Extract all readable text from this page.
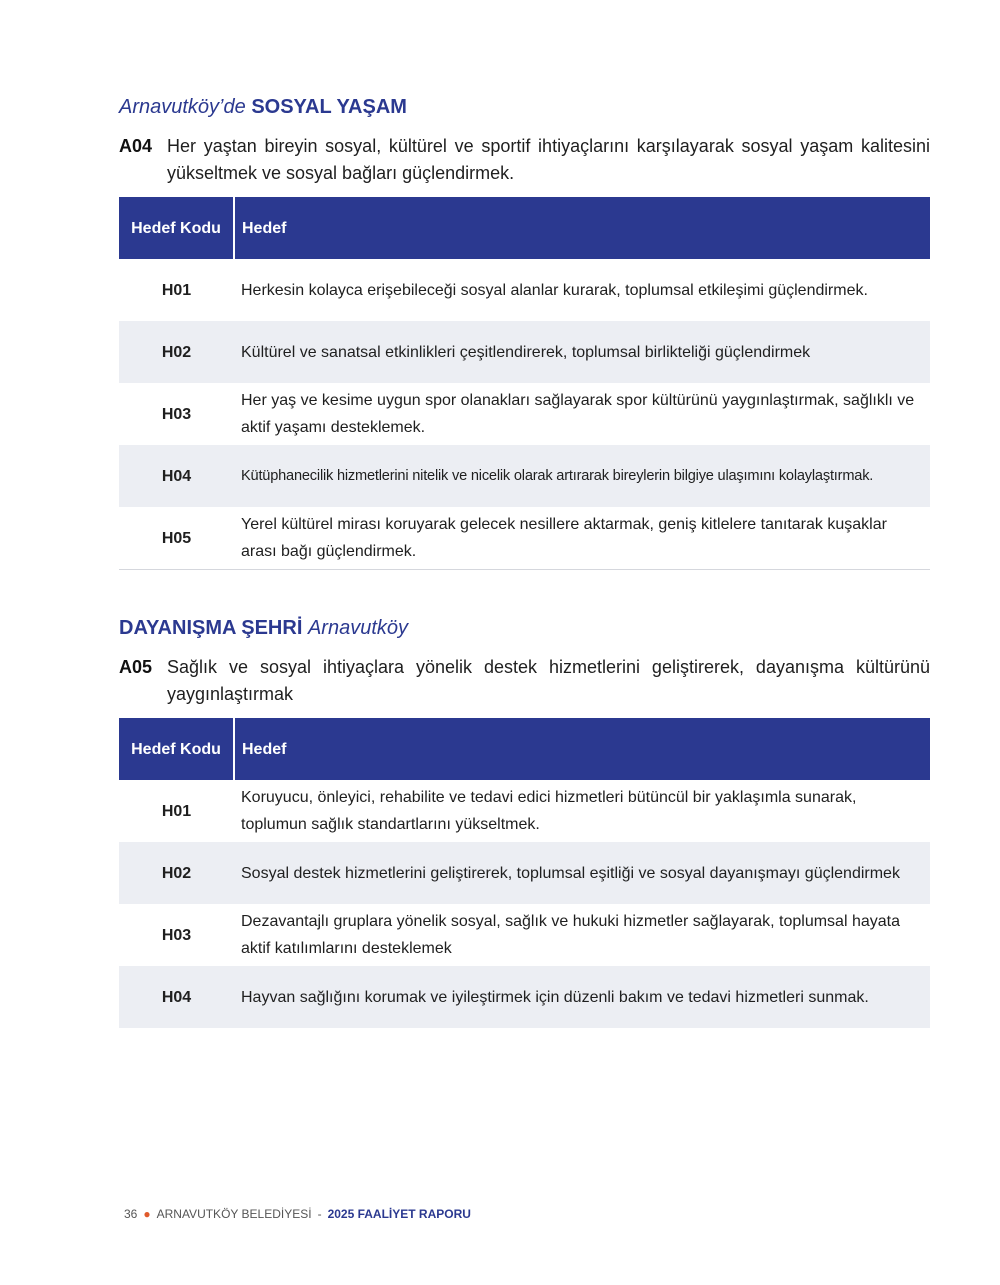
Arnavutköy’de SOSYAL YAŞAM
A04 Her yaştan bireyin sosyal, kültürel ve sportif ihtiyaçlarını karşılayarak sosyal yaşam kalitesini yükseltmek ve sosyal bağları güçlendirmek.
Hedef Kodu	Hedef
H01	Herkesin kolayca erişebileceği sosyal alanlar kurarak, toplumsal etkileşimi güçlendirmek.
H02	Kültürel ve sanatsal etkinlikleri çeşitlendirerek, toplumsal birlikteliği güçlendirmek
H03	Her yaş ve kesime uygun spor olanakları sağlayarak spor kültürünü yaygınlaştırmak, sağlıklı ve aktif yaşamı desteklemek.
H04	Kütüphanecilik hizmetlerini nitelik ve nicelik olarak artırarak bireylerin bilgiye ulaşımını kolaylaştırmak.
H05	Yerel kültürel mirası koruyarak gelecek nesillere aktarmak, geniş kitlelere tanıtarak kuşaklar arası bağı güçlendirmek.
DAYANIŞMA ŞEHRİ Arnavutköy
A05 Sağlık ve sosyal ihtiyaçlara yönelik destek hizmetlerini geliştirerek, dayanışma kültürünü yaygınlaştırmak
Hedef Kodu	Hedef
H01	Koruyucu, önleyici, rehabilite ve tedavi edici hizmetleri bütüncül bir yaklaşımla sunarak, toplumun sağlık standartlarını yükseltmek.
H02	Sosyal destek hizmetlerini geliştirerek, toplumsal eşitliği ve sosyal dayanışmayı güçlendirmek
H03	Dezavantajlı gruplara yönelik sosyal, sağlık ve hukuki hizmetler sağlayarak, toplumsal hayata aktif katılımlarını desteklemek
H04	Hayvan sağlığını korumak ve iyileştirmek için düzenli bakım ve tedavi hizmetleri sunmak.
36 ● ARNAVUTKÖY BELEDİYESİ - 2025 FAALİYET RAPORU
